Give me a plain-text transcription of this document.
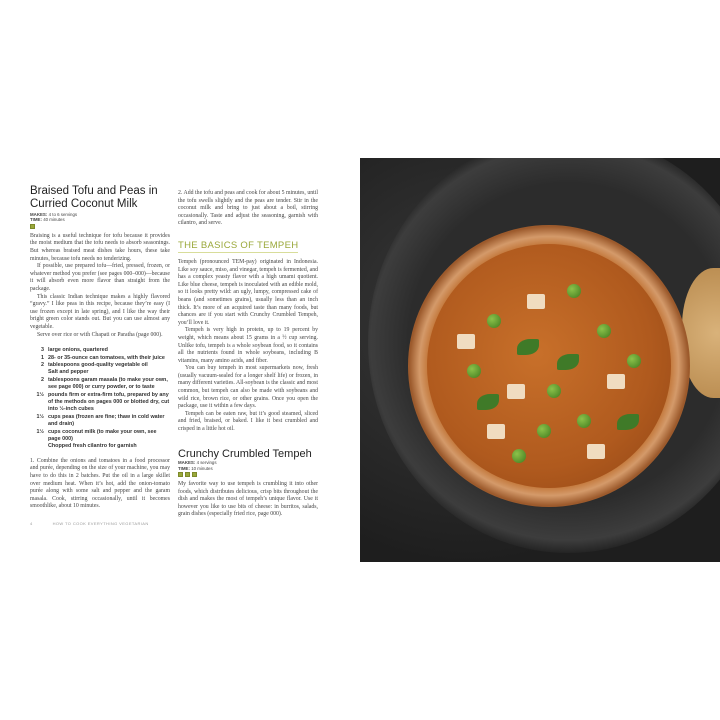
Braised Tofu and Peas in
Curried Coconut Milk
MAKES: 4 to 6 servings
TIME: 40 minutes

Braising is a useful technique for tofu because it provides the moist medium that the tofu needs to absorb seasonings. But whereas braised meat dishes take hours, these take minutes, because tofu needs no tenderizing.

If possible, use prepared tofu—fried, pressed, frozen, or whatever method you prefer (see pages 000–000)—because it will absorb even more flavor than straight from the package.

This classic Indian technique makes a highly flavored “gravy.” I like peas in this recipe, because they’re easy (I use frozen except in late spring), and I like the way their bright green color stands out. But you can use almost any vegetable.

Serve over rice or with Chapati or Paratha (page 000).

3 large onions, quartered
1 28- or 35-ounce can tomatoes, with their juice
2 tablespoons good-quality vegetable oil
Salt and pepper
2 tablespoons garam masala (to make your own, see page 000) or curry powder, or to taste
1½ pounds firm or extra-firm tofu, prepared by any of the methods on pages 000 or blotted dry, cut into ½-inch cubes
1½ cups peas (frozen are fine; thaw in cold water and drain)
1½ cups coconut milk (to make your own, see page 000)
Chopped fresh cilantro for garnish

1. Combine the onions and tomatoes in a food processor and purée, depending on the size of your machine, you may have to do this in 2 batches. Put the oil in a large skillet over medium heat. When it’s hot, add the onion-tomato purée along with some salt and pepper and the garam masala. Cook, stirring occasionally, until it becomes smoothlike, about 10 minutes.

4	HOW TO COOK EVERYTHING VEGETARIAN

2. Add the tofu and peas and cook for about 5 minutes, until the tofu swells slightly and the peas are tender. Stir in the coconut milk and bring to just about a boil, stirring occasionally. Taste and adjust the seasoning, garnish with cilantro, and serve.

THE BASICS OF TEMPEH

Tempeh (pronounced TEM-pay) originated in Indonesia. Like soy sauce, miso, and vinegar, tempeh is fermented, and has a complex yeasty flavor with a high umami quotient. Like blue cheese, tempeh is inoculated with an edible mold, so it looks pretty wild: an ugly, lumpy, compressed cake of beans (and sometimes grains), usually less than an inch thick. It’s more of an acquired taste than many foods, but chances are if you start with Crunchy Crumbled Tempeh, you’ll love it.

Tempeh is very high in protein, up to 19 percent by weight, which means about 15 grams in a ½ cup serving. Unlike tofu, tempeh is a whole soybean food, so it contains all the nutrients found in whole soybeans, including B vitamins, many amino acids, and fiber.

You can buy tempeh in most supermarkets now, fresh (usually vacuum-sealed for a longer shelf life) or frozen, in many different varieties. All-soybean is the classic and most common, but tempeh can also be made with soybeans and wild rice, brown rice, or other grains. Once you open the package, use it within a few days.

Tempeh can be eaten raw, but it’s good steamed, sliced and fried, braised, or baked. I like it best crumbled and crisped in a little hot oil.

Crunchy Crumbled Tempeh
MAKES: 4 servings
TIME: 10 minutes

My favorite way to use tempeh is crumbling it into other foods, which distributes delicious, crisp bits throughout the dish and makes the most of tempeh’s unique flavor. Use it however you like to use bits of cheese: in burritos, salads, grain dishes (especially fried rice, page 000).
